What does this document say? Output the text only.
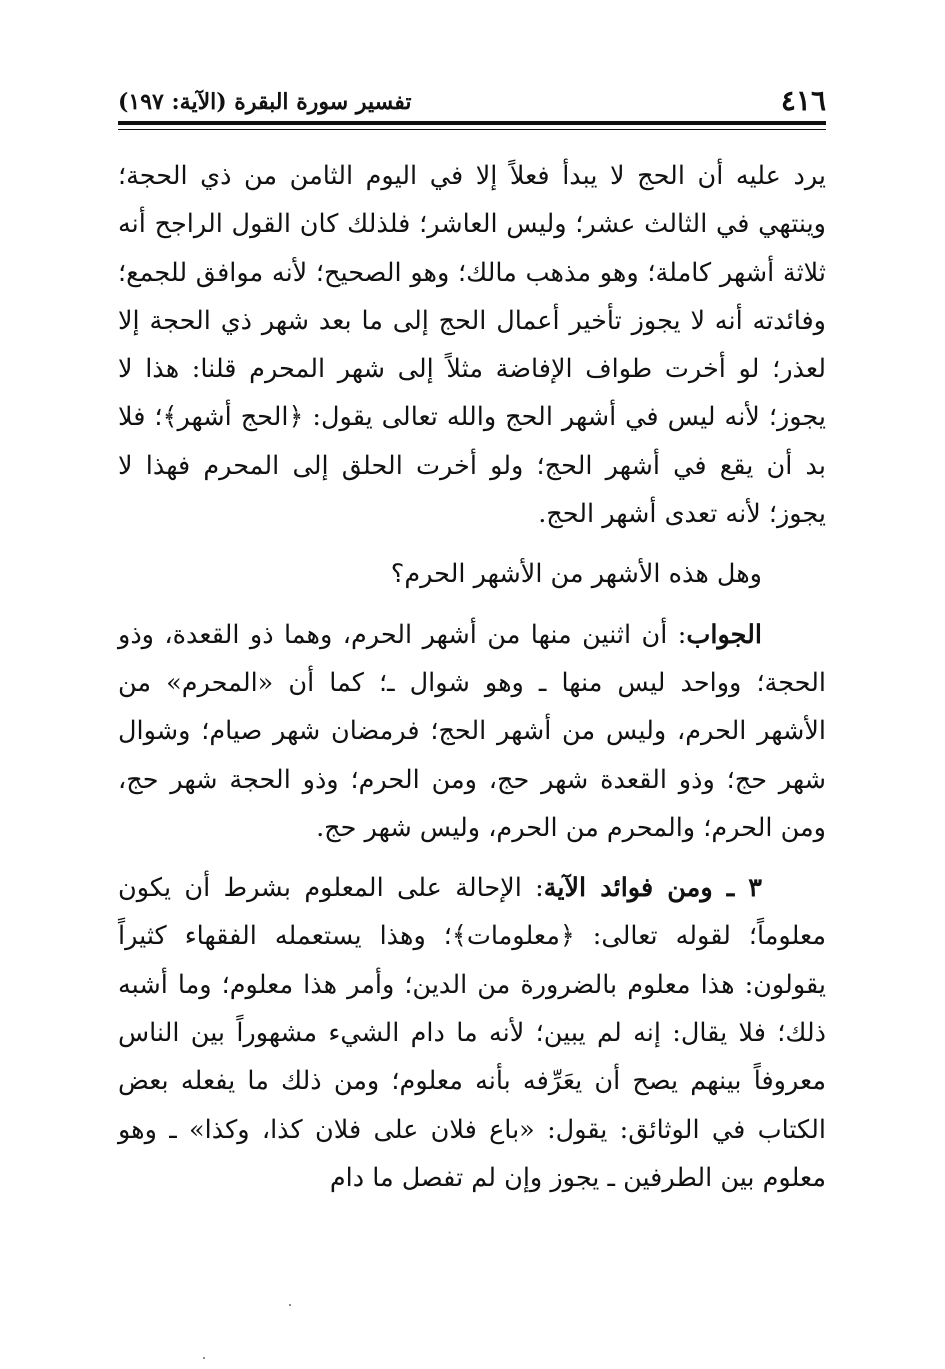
٤١٦
تفسير سورة البقرة (الآية: ١٩٧)

يرد عليه أن الحج لا يبدأ فعلاً إلا في اليوم الثامن من ذي الحجة؛ وينتهي في الثالث عشر؛ وليس العاشر؛ فلذلك كان القول الراجح أنه ثلاثة أشهر كاملة؛ وهو مذهب مالك؛ وهو الصحيح؛ لأنه موافق للجمع؛ وفائدته أنه لا يجوز تأخير أعمال الحج إلى ما بعد شهر ذي الحجة إلا لعذر؛ لو أخرت طواف الإفاضة مثلاً إلى شهر المحرم قلنا: هذا لا يجوز؛ لأنه ليس في أشهر الحج والله تعالى يقول: ﴿الحج أشهر﴾؛ فلا بد أن يقع في أشهر الحج؛ ولو أخرت الحلق إلى المحرم فهذا لا يجوز؛ لأنه تعدى أشهر الحج.

وهل هذه الأشهر من الأشهر الحرم؟

الجواب: أن اثنين منها من أشهر الحرم، وهما ذو القعدة، وذو الحجة؛ وواحد ليس منها ـ وهو شوال ـ؛ كما أن «المحرم» من الأشهر الحرم، وليس من أشهر الحج؛ فرمضان شهر صيام؛ وشوال شهر حج؛ وذو القعدة شهر حج، ومن الحرم؛ وذو الحجة شهر حج، ومن الحرم؛ والمحرم من الحرم، وليس شهر حج.

٣ ـ ومن فوائد الآية: الإحالة على المعلوم بشرط أن يكون معلوماً؛ لقوله تعالى: ﴿معلومات﴾؛ وهذا يستعمله الفقهاء كثيراً يقولون: هذا معلوم بالضرورة من الدين؛ وأمر هذا معلوم؛ وما أشبه ذلك؛ فلا يقال: إنه لم يبين؛ لأنه ما دام الشيء مشهوراً بين الناس معروفاً بينهم يصح أن يعَرِّفه بأنه معلوم؛ ومن ذلك ما يفعله بعض الكتاب في الوثائق: يقول: «باع فلان على فلان كذا، وكذا» ـ وهو معلوم بين الطرفين ـ يجوز وإن لم تفصل ما دام
